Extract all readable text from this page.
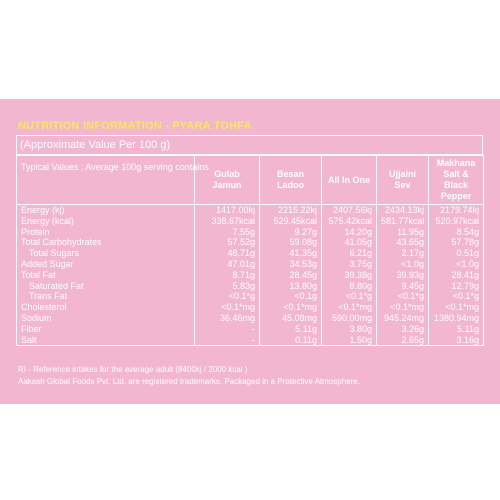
NUTRITION INFORMATION - PYARA TOHFA
(Approximate Value Per 100 g)
Typical Values : Average 100g serving contains	Gulab Jamun	Besan Ladoo	All In One	Ujjaini Sev	Makhana Salt & Black Pepper
Energy (kj)	1417.00kj	2215.22kj	2407.56kj	2434.13kj	2179.74kj
Energy (kcal)	338.67kcal	529.45kcal	575.42kcal	581.77kcal	520.97kcal
Protein	7.55g	9.27g	14.20g	11.95g	8.54g
Total Carbohydrates	57.52g	59.08g	41.05g	43.65g	57.78g
Total Sugars	48.71g	41.35g	6.21g	2.17g	0.51g
Added Sugar	47.01g	34.53g	3.75g	<1.0g	<1.0g
Total Fat	8.71g	28.45g	39.38g	39.93g	28.41g
Saturated Fat	5.83g	13.80g	8.80g	9.45g	12.79g
Trans Fat	<0.1*g	<0.1g	<0.1*g	<0.1*g	<0.1*g
Cholesterol	<0.1*mg	<0.1*mg	<0.1*mg	<0.1*mg	<0.1*mg
Sodium	36.46mg	45.08mg	590.00mg	945.24mg	1380.94mg
Fiber	-	5.11g	3.80g	3.26g	5.11g
Salt	-	0.11g	1.50g	2.65g	3.16g
RI - Reference intakes for the average adult (8400kj / 2000 kcal )
Aakash Global Foods Pvt. Ltd. are registered trademarks. Packaged in a Protective Atmosphere.
